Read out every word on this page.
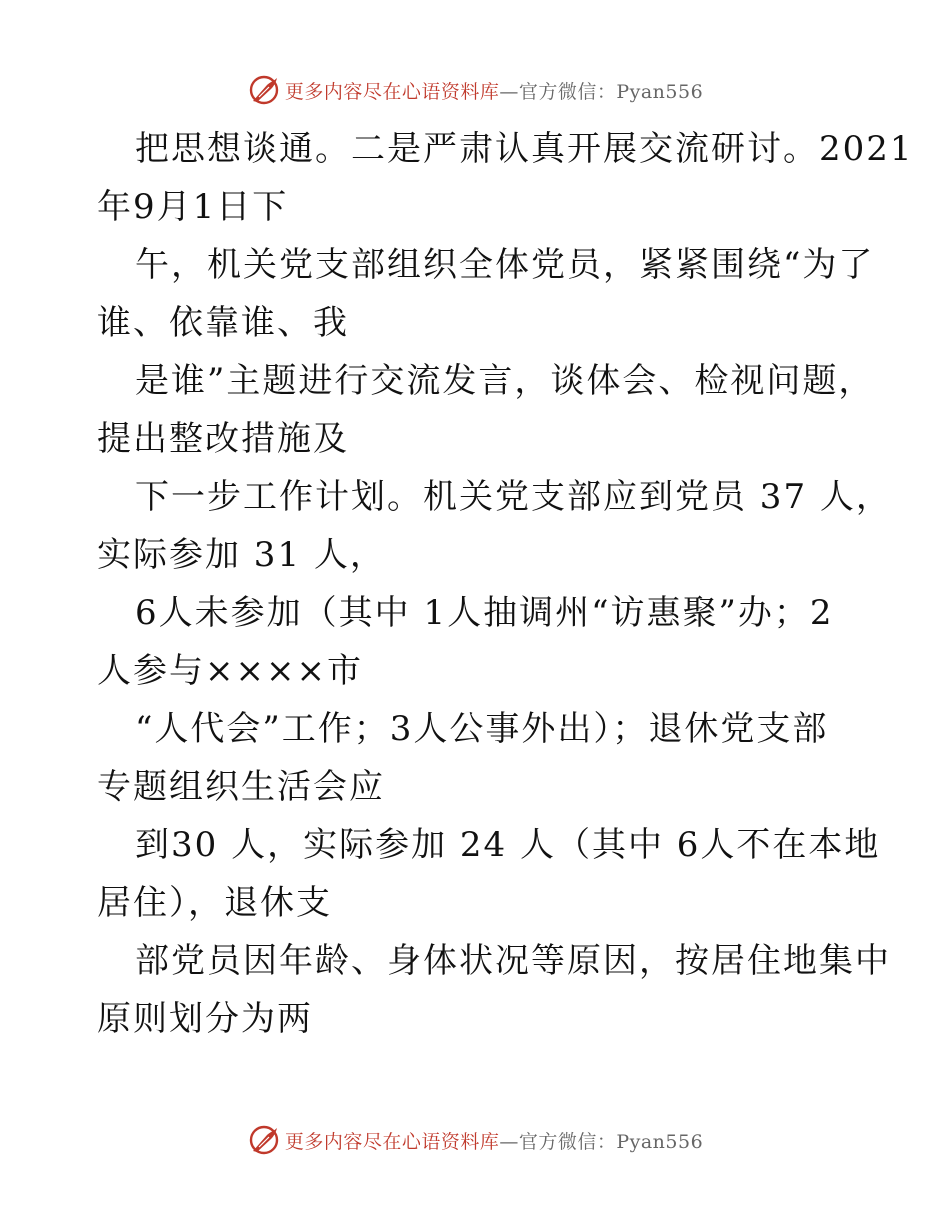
更多内容尽在心语资料库—官方微信：Pyan556

把思想谈通。二是严肃认真开展交流研讨。2021

年9月1日下

午，机关党支部组织全体党员，紧紧围绕“为了

谁、依靠谁、我

是谁”主题进行交流发言，谈体会、检视问题，

提出整改措施及

下一步工作计划。机关党支部应到党员 37 人，

实际参加 31 人，

6人未参加（其中 1人抽调州“访惠聚”办；2

人参与××××市

“人代会”工作；3人公事外出）；退休党支部

专题组织生活会应

到30 人，实际参加 24 人（其中 6人不在本地

居住），退休支

部党员因年龄、身体状况等原因，按居住地集中

原则划分为两

更多内容尽在心语资料库—官方微信：Pyan556
